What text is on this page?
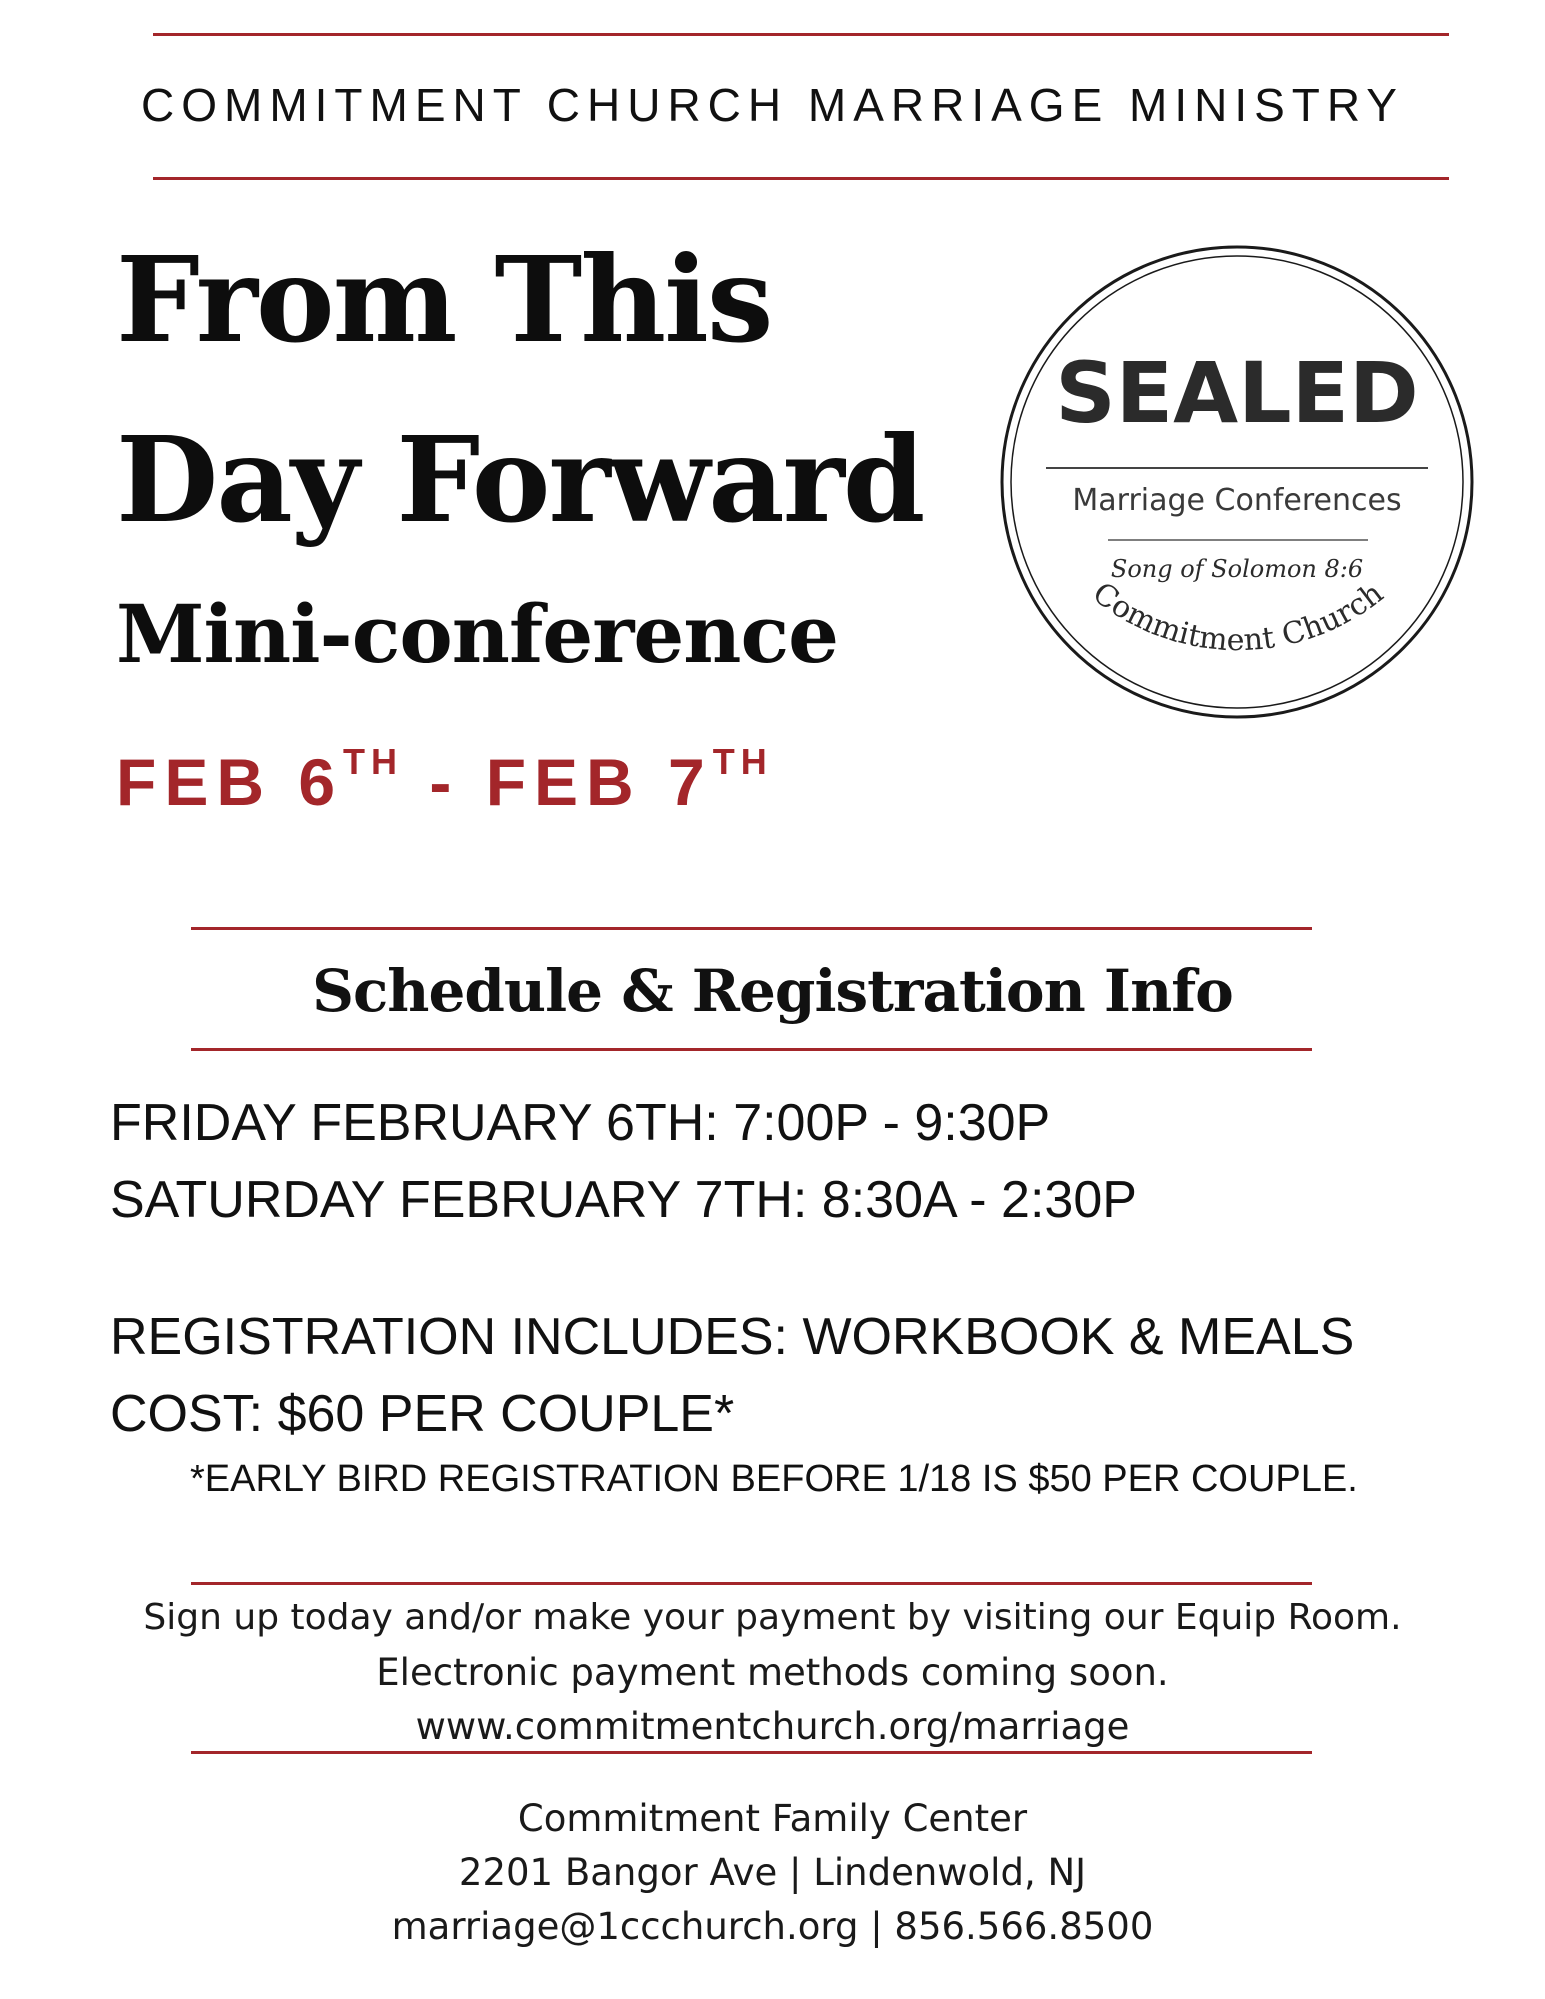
COMMITMENT CHURCH MARRIAGE MINISTRY
From This
Day Forward
Mini-conference
FEB 6TH - FEB 7TH
SEALED
Marriage Conferences
Song of Solomon 8:6
Commitment Church
Schedule & Registration Info
FRIDAY FEBRUARY 6TH: 7:00P - 9:30P
SATURDAY FEBRUARY 7TH: 8:30A - 2:30P
REGISTRATION INCLUDES: WORKBOOK & MEALS
COST: $60 PER COUPLE*
*EARLY BIRD REGISTRATION BEFORE 1/18 IS $50 PER COUPLE.
Sign up today and/or make your payment by visiting our Equip Room.
Electronic payment methods coming soon.
www.commitmentchurch.org/marriage
Commitment Family Center
2201 Bangor Ave | Lindenwold, NJ
marriage@1ccchurch.org | 856.566.8500
